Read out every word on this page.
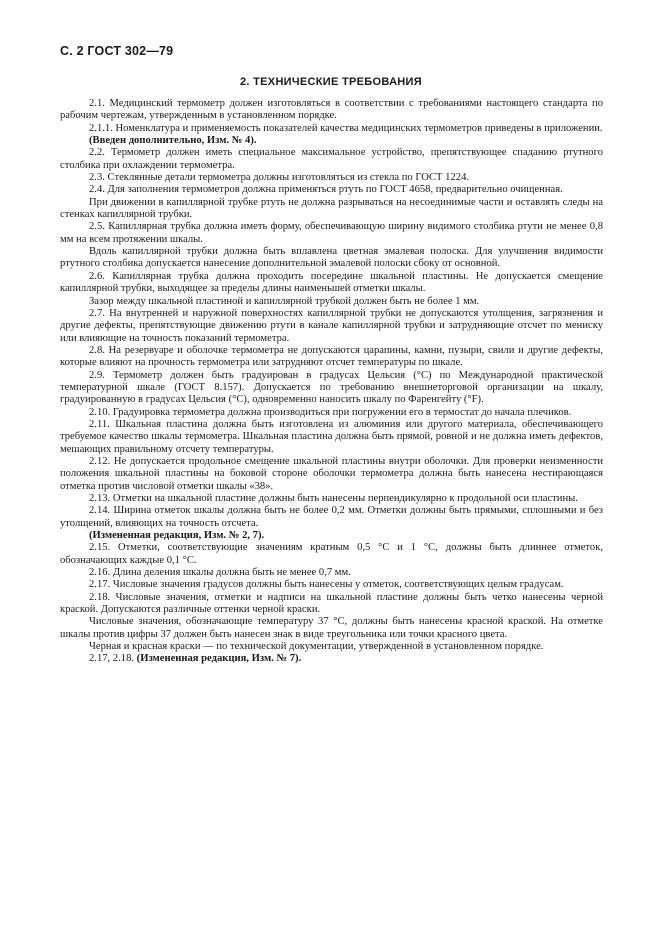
С. 2 ГОСТ 302—79
2. ТЕХНИЧЕСКИЕ ТРЕБОВАНИЯ

2.1. Медицинский термометр должен изготовляться в соответствии с требованиями настоящего стандарта по рабочим чертежам, утвержденным в установленном порядке.

2.1.1. Номенклатура и применяемость показателей качества медицинских термометров приведены в приложении.

(Введен дополнительно, Изм. № 4).

2.2. Термометр должен иметь специальное максимальное устройство, препятствующее спаданию ртутного столбика при охлаждении термометра.

2.3. Стеклянные детали термометра должны изготовляться из стекла по ГОСТ 1224.

2.4. Для заполнения термометров должна применяться ртуть по ГОСТ 4658, предварительно очищенная.

При движении в капиллярной трубке ртуть не должна разрываться на несоединимые части и оставлять следы на стенках капиллярной трубки.

2.5. Капиллярная трубка должна иметь форму, обеспечивающую ширину видимого столбика ртути не менее 0,8 мм на всем протяжении шкалы.

Вдоль капиллярной трубки должна быть вплавлена цветная эмалевая полоска. Для улучшения видимости ртутного столбика допускается нанесение дополнительной эмалевой полоски сбоку от основной.

2.6. Капиллярная трубка должна проходить посередине шкальной пластины. Не допускается смещение капиллярной трубки, выходящее за пределы длины наименьшей отметки шкалы.

Зазор между шкальной пластиной и капиллярной трубкой должен быть не более 1 мм.

2.7. На внутренней и наружной поверхностях капиллярной трубки не допускаются утолщения, загрязнения и другие дефекты, препятствующие движению ртути в канале капиллярной трубки и затрудняющие отсчет по мениску или влияющие на точность показаний термометра.

2.8. На резервуаре и оболочке термометра не допускаются царапины, камни, пузыри, свили и другие дефекты, которые влияют на прочность термометра или затрудняют отсчет температуры по шкале.

2.9. Термометр должен быть градуирован в градусах Цельсия (°С) по Международной практической температурной шкале (ГОСТ 8.157). Допускается по требованию внешнеторговой организации на шкалу, градуированную в градусах Цельсия (°С), одновременно наносить шкалу по Фаренгейту (°F).

2.10. Градуировка термометра должна производиться при погружении его в термостат до начала плечиков.

2.11. Шкальная пластина должна быть изготовлена из алюминия или другого материала, обеспечивающего требуемое качество шкалы термометра. Шкальная пластина должна быть прямой, ровной и не должна иметь дефектов, мешающих правильному отсчету температуры.

2.12. Не допускается продольное смещение шкальной пластины внутри оболочки. Для проверки неизменности положения шкальной пластины на боковой стороне оболочки термометра должна быть нанесена нестирающаяся отметка против числовой отметки шкалы «38».

2.13. Отметки на шкальной пластине должны быть нанесены перпендикулярно к продольной оси пластины.

2.14. Ширина отметок шкалы должна быть не более 0,2 мм. Отметки должны быть прямыми, сплошными и без утолщений, влияющих на точность отсчета.

(Измененная редакция, Изм. № 2, 7).

2.15. Отметки, соответствующие значениям кратным 0,5 °С и 1 °С, должны быть длиннее отметок, обозначающих каждые 0,1 °С.

2.16. Длина деления шкалы должна быть не менее 0,7 мм.

2.17. Числовые значения градусов должны быть нанесены у отметок, соответствующих целым градусам.

2.18. Числовые значения, отметки и надписи на шкальной пластине должны быть четко нанесены черной краской. Допускаются различные оттенки черной краски.

Числовые значения, обозначающие температуру 37 °С, должны быть нанесены красной краской. На отметке шкалы против цифры 37 должен быть нанесен знак в виде треугольника или точки красного цвета.

Черная и красная краски — по технической документации, утвержденной в установленном порядке.

2.17, 2.18. (Измененная редакция, Изм. № 7).
